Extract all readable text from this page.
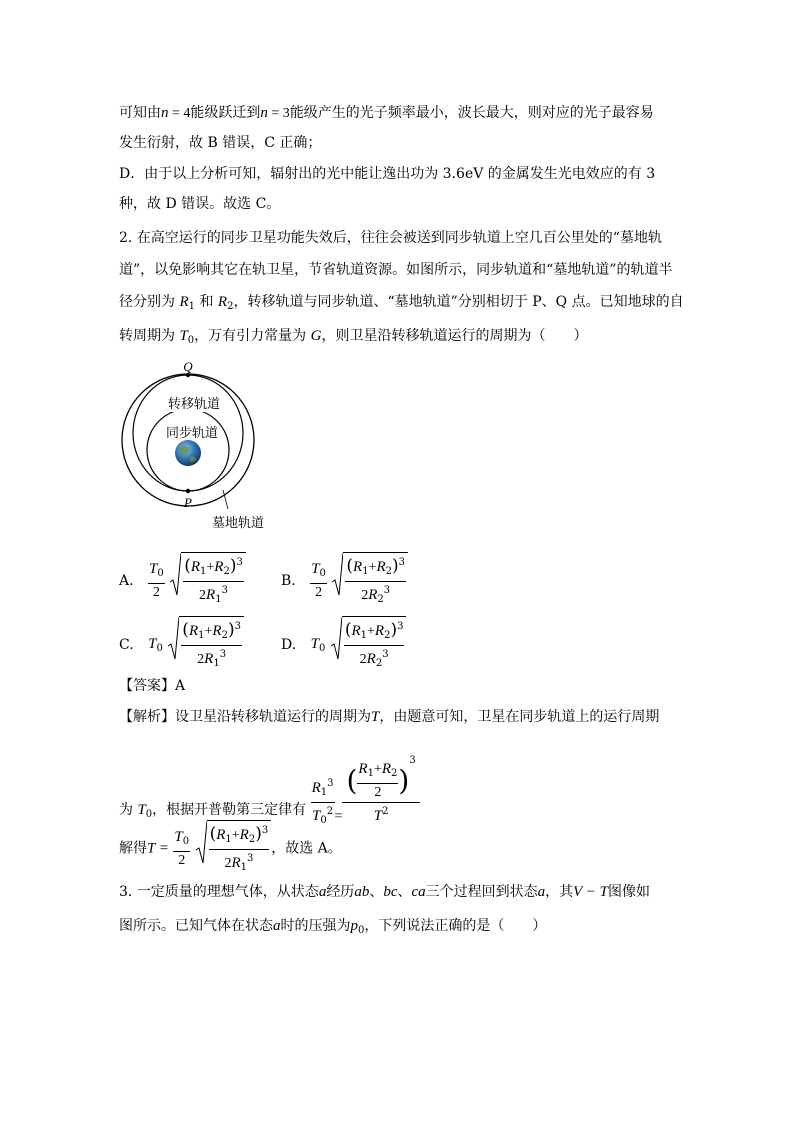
可知由n = 4能级跃迁到n = 3能级产生的光子频率最小，波长最大，则对应的光子最容易
发生衍射，故 B 错误，C 正确；
D．由于以上分析可知，辐射出的光中能让逸出功为 3.6eV 的金属发生光电效应的有 3
种，故 D 错误。故选 C。
2. 在高空运行的同步卫星功能失效后，往往会被送到同步轨道上空几百公里处的“墓地轨
道”，以免影响其它在轨卫星，节省轨道资源。如图所示，同步轨道和“墓地轨道”的轨道半
径分别为 $R_1$ 和 $R_2$，转移轨道与同步轨道、“墓地轨道”分别相切于 P、Q 点。已知地球的自
转周期为 $T_0$，万有引力常量为 G，则卫星沿转移轨道运行的周期为（　　）
Q
P
转移轨道
同步轨道
墓地轨道
A. $\frac{T_0}{2}$
$\frac{(R_1+R_2)^3}{2R_1^3}$	B. $\frac{T_0}{2}$
$\frac{(R_1+R_2)^3}{2R_2^3}$
C. $T_0 \frac{(R_1+R_2)^3}{2R_1^3}$	D. $T_0 \frac{(R_1+R_2)^3}{2R_2^3}$
【答案】A
【解析】设卫星沿转移轨道运行的周期为T，由题意可知，卫星在同步轨道上的运行周期
为 $T_0$，根据开普勒第三定律有 $\frac{R_1^3}{T_0^2} = \frac{( \frac{R_1+R_2}{2} )^3}{T^2}$
解得$T = \frac{T_0}{2}$
$\frac{(R_1+R_2)^3}{2R_1^3}$ ，故选 A。
3. 一定质量的理想气体，从状态a经历ab、bc、ca三个过程回到状态a，其V − T图像如
图所示。已知气体在状态a时的压强为$p_0$，下列说法正确的是（　　）
